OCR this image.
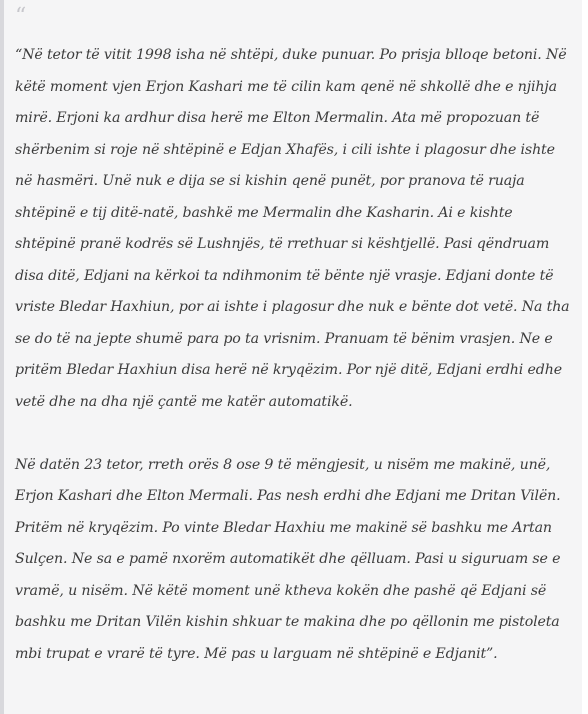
“

“Në tetor të vitit 1998 isha në shtëpi, duke punuar. Po prisja blloqe betoni. Në
këtë moment vjen Erjon Kashari me të cilin kam qenë në shkollë dhe e njihja
mirë. Erjoni ka ardhur disa herë me Elton Mermalin. Ata më propozuan të
shërbenim si roje në shtëpinë e Edjan Xhafës, i cili ishte i plagosur dhe ishte
në hasmëri. Unë nuk e dija se si kishin qenë punët, por pranova të ruaja
shtëpinë e tij ditë-natë, bashkë me Mermalin dhe Kasharin. Ai e kishte
shtëpinë pranë kodrës së Lushnjës, të rrethuar si kështjellë. Pasi qëndruam
disa ditë, Edjani na kërkoi ta ndihmonim të bënte një vrasje. Edjani donte të
vriste Bledar Haxhiun, por ai ishte i plagosur dhe nuk e bënte dot vetë. Na tha
se do të na jepte shumë para po ta vrisnim. Pranuam të bënim vrasjen. Ne e
pritëm Bledar Haxhiun disa herë në kryqëzim. Por një ditë, Edjani erdhi edhe
vetë dhe na dha një çantë me katër automatikë.

Në datën 23 tetor, rreth orës 8 ose 9 të mëngjesit, u nisëm me makinë, unë,
Erjon Kashari dhe Elton Mermali. Pas nesh erdhi dhe Edjani me Dritan Vilën.
Pritëm në kryqëzim. Po vinte Bledar Haxhiu me makinë së bashku me Artan
Sulçen. Ne sa e pamë nxorëm automatikët dhe qëlluam. Pasi u siguruam se e
vramë, u nisëm. Në këtë moment unë ktheva kokën dhe pashë që Edjani së
bashku me Dritan Vilën kishin shkuar te makina dhe po qëllonin me pistoleta
mbi trupat e vrarë të tyre. Më pas u larguam në shtëpinë e Edjanit”.
